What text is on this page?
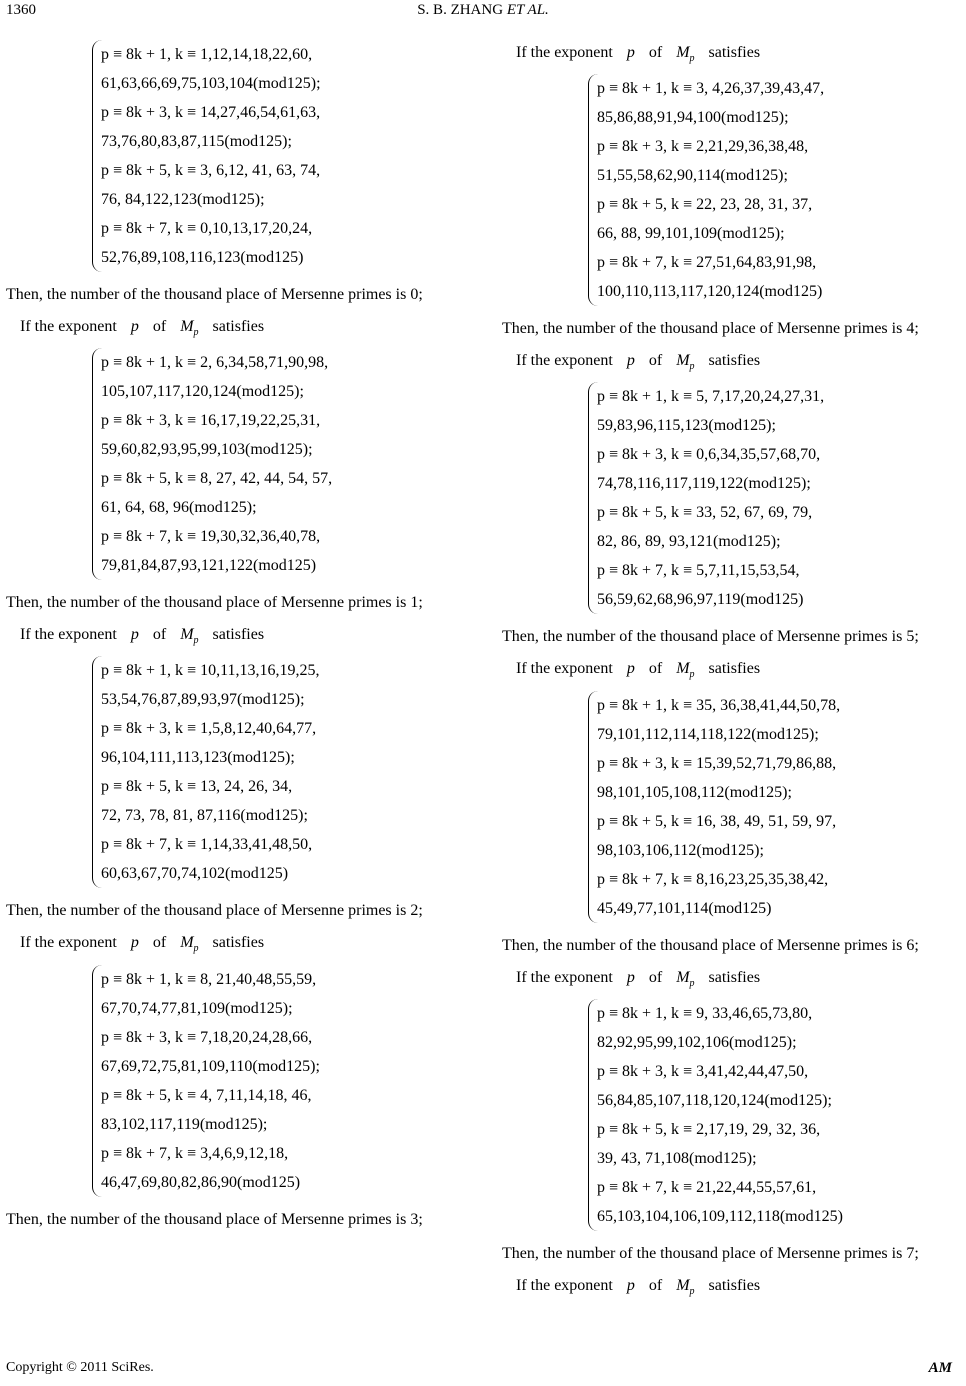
1360	S. B. ZHANG ET AL.
p ≡ 8k + 1, k ≡ 1,12,14,18,22,60,
61,63,66,69,75,103,104(mod125);
p ≡ 8k + 3, k ≡ 14,27,46,54,61,63,
73,76,80,83,87,115(mod125);
p ≡ 8k + 5, k ≡ 3, 6,12, 41, 63, 74,
76, 84,122,123(mod125);
p ≡ 8k + 7, k ≡ 0,10,13,17,20,24,
52,76,89,108,116,123(mod125)
Then, the number of the thousand place of Mersenne primes is 0;
If the exponent p of $M_p$ satisfies
p ≡ 8k + 1, k ≡ 2, 6,34,58,71,90,98,
105,107,117,120,124(mod125);
p ≡ 8k + 3, k ≡ 16,17,19,22,25,31,
59,60,82,93,95,99,103(mod125);
p ≡ 8k + 5, k ≡ 8, 27, 42, 44, 54, 57,
61, 64, 68, 96(mod125);
p ≡ 8k + 7, k ≡ 19,30,32,36,40,78,
79,81,84,87,93,121,122(mod125)
Then, the number of the thousand place of Mersenne primes is 1;
If the exponent p of $M_p$ satisfies
p ≡ 8k + 1, k ≡ 10,11,13,16,19,25,
53,54,76,87,89,93,97(mod125);
p ≡ 8k + 3, k ≡ 1,5,8,12,40,64,77,
96,104,111,113,123(mod125);
p ≡ 8k + 5, k ≡ 13, 24, 26, 34,
72, 73, 78, 81, 87,116(mod125);
p ≡ 8k + 7, k ≡ 1,14,33,41,48,50,
60,63,67,70,74,102(mod125)
Then, the number of the thousand place of Mersenne primes is 2;
If the exponent p of $M_p$ satisfies
p ≡ 8k + 1, k ≡ 8, 21,40,48,55,59,
67,70,74,77,81,109(mod125);
p ≡ 8k + 3, k ≡ 7,18,20,24,28,66,
67,69,72,75,81,109,110(mod125);
p ≡ 8k + 5, k ≡ 4, 7,11,14,18, 46,
83,102,117,119(mod125);
p ≡ 8k + 7, k ≡ 3,4,6,9,12,18,
46,47,69,80,82,86,90(mod125)
Then, the number of the thousand place of Mersenne primes is 3;
If the exponent p of $M_p$ satisfies
p ≡ 8k + 1, k ≡ 3, 4,26,37,39,43,47,
85,86,88,91,94,100(mod125);
p ≡ 8k + 3, k ≡ 2,21,29,36,38,48,
51,55,58,62,90,114(mod125);
p ≡ 8k + 5, k ≡ 22, 23, 28, 31, 37,
66, 88, 99,101,109(mod125);
p ≡ 8k + 7, k ≡ 27,51,64,83,91,98,
100,110,113,117,120,124(mod125)
Then, the number of the thousand place of Mersenne primes is 4;
If the exponent p of $M_p$ satisfies
p ≡ 8k + 1, k ≡ 5, 7,17,20,24,27,31,
59,83,96,115,123(mod125);
p ≡ 8k + 3, k ≡ 0,6,34,35,57,68,70,
74,78,116,117,119,122(mod125);
p ≡ 8k + 5, k ≡ 33, 52, 67, 69, 79,
82, 86, 89, 93,121(mod125);
p ≡ 8k + 7, k ≡ 5,7,11,15,53,54,
56,59,62,68,96,97,119(mod125)
Then, the number of the thousand place of Mersenne primes is 5;
If the exponent p of $M_p$ satisfies
p ≡ 8k + 1, k ≡ 35, 36,38,41,44,50,78,
79,101,112,114,118,122(mod125);
p ≡ 8k + 3, k ≡ 15,39,52,71,79,86,88,
98,101,105,108,112(mod125);
p ≡ 8k + 5, k ≡ 16, 38, 49, 51, 59, 97,
98,103,106,112(mod125);
p ≡ 8k + 7, k ≡ 8,16,23,25,35,38,42,
45,49,77,101,114(mod125)
Then, the number of the thousand place of Mersenne primes is 6;
If the exponent p of $M_p$ satisfies
p ≡ 8k + 1, k ≡ 9, 33,46,65,73,80,
82,92,95,99,102,106(mod125);
p ≡ 8k + 3, k ≡ 3,41,42,44,47,50,
56,84,85,107,118,120,124(mod125);
p ≡ 8k + 5, k ≡ 2,17,19, 29, 32, 36,
39, 43, 71,108(mod125);
p ≡ 8k + 7, k ≡ 21,22,44,55,57,61,
65,103,104,106,109,112,118(mod125)
Then, the number of the thousand place of Mersenne primes is 7;
If the exponent p of $M_p$ satisfies
Copyright © 2011 SciRes.	AM
